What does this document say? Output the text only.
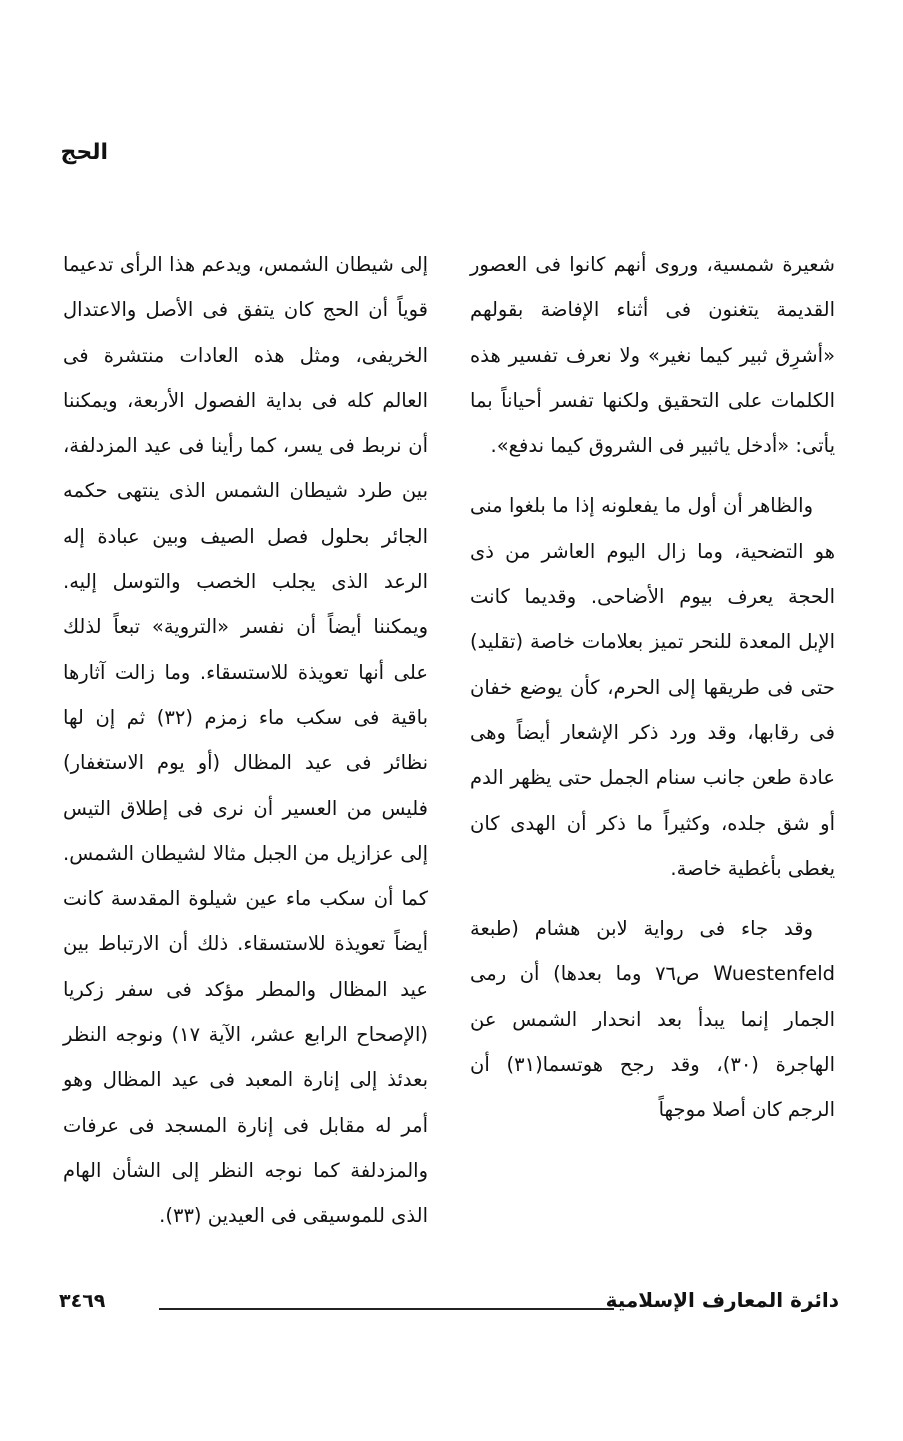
الحج

شعيرة شمسية، وروى أنهم كانوا فى العصور القديمة يتغنون فى أثناء الإفاضة بقولهم «أشرِق ثبير كيما نغير» ولا نعرف تفسير هذه الكلمات على التحقيق ولكنها تفسر أحياناً بما يأتى: «أدخل ياثبير فى الشروق كيما ندفع».

والظاهر أن أول ما يفعلونه إذا ما بلغوا منى هو التضحية، وما زال اليوم العاشر من ذى الحجة يعرف بيوم الأضاحى. وقديما كانت الإبل المعدة للنحر تميز بعلامات خاصة (تقليد) حتى فى طريقها إلى الحرم، كأن يوضع خفان فى رقابها، وقد ورد ذكر الإشعار أيضاً وهى عادة طعن جانب سنام الجمل حتى يظهر الدم أو شق جلده، وكثيراً ما ذكر أن الهدى كان يغطى بأغطية خاصة.

وقد جاء فى رواية لابن هشام (طبعة Wuestenfeld ص٧٦ وما بعدها) أن رمى الجمار إنما يبدأ بعد انحدار الشمس عن الهاجرة (٣٠)، وقد رجح هوتسما(٣١) أن الرجم كان أصلا موجهاً

إلى شيطان الشمس، ويدعم هذا الرأى تدعيما قوياً أن الحج كان يتفق فى الأصل والاعتدال الخريفى، ومثل هذه العادات منتشرة فى العالم كله فى بداية الفصول الأربعة، ويمكننا أن نربط فى يسر، كما رأينا فى عيد المزدلفة، بين طرد شيطان الشمس الذى ينتهى حكمه الجائر بحلول فصل الصيف وبين عبادة إله الرعد الذى يجلب الخصب والتوسل إليه. ويمكننا أيضاً أن نفسر «التروية» تبعاً لذلك على أنها تعويذة للاستسقاء. وما زالت آثارها باقية فى سكب ماء زمزم (٣٢) ثم إن لها نظائر فى عيد المظال (أو يوم الاستغفار) فليس من العسير أن نرى فى إطلاق التيس إلى عزازيل من الجبل مثالا لشيطان الشمس. كما أن سكب ماء عين شيلوة المقدسة كانت أيضاً تعويذة للاستسقاء. ذلك أن الارتباط بين عيد المظال والمطر مؤكد فى سفر زكريا (الإصحاح الرابع عشر، الآية ١٧) ونوجه النظر بعدئذ إلى إنارة المعبد فى عيد المظال وهو أمر له مقابل فى إنارة المسجد فى عرفات والمزدلفة كما نوجه النظر إلى الشأن الهام الذى للموسيقى فى العيدين (٣٣).

دائرة المعارف الإسلامية
٣٤٦٩
